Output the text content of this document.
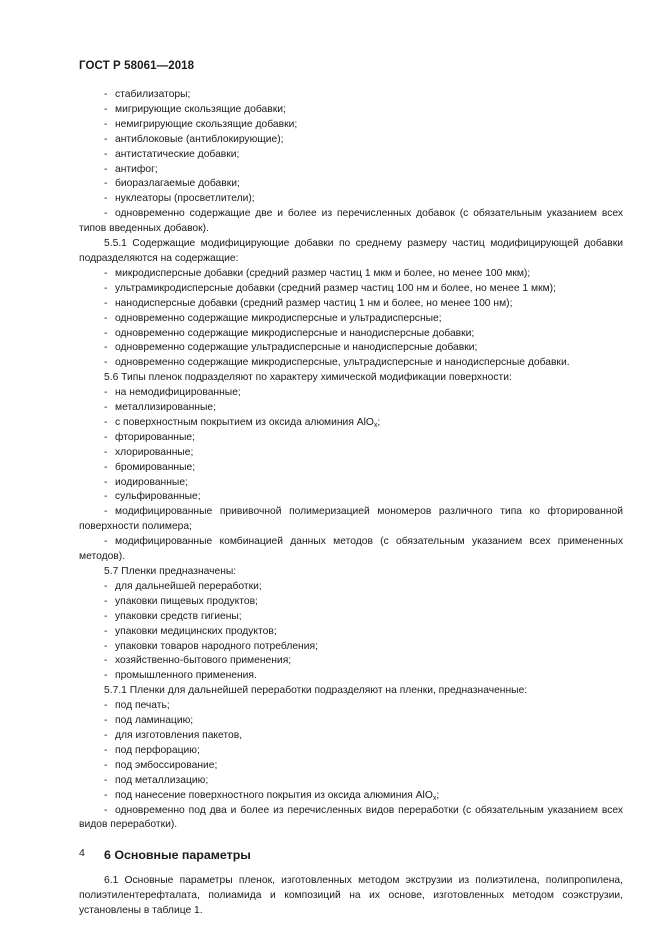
ГОСТ Р 58061—2018
- стабилизаторы;
- мигрирующие скользящие добавки;
- немигрирующие скользящие добавки;
- антиблоковые (антиблокирующие);
- антистатические добавки;
- антифог;
- биоразлагаемые добавки;
- нуклеаторы (просветлители);

- одновременно содержащие две и более из перечисленных добавок (с обязательным указанием всех типов введенных добавок).

5.5.1 Содержащие модифицирующие добавки по среднему размеру частиц модифицирующей добавки подразделяются на содержащие:

- микродисперсные добавки (средний размер частиц 1 мкм и более, но менее 100 мкм);
- ультрамикродисперсные добавки (средний размер частиц 100 нм и более, но менее 1 мкм);
- нанодисперсные добавки (средний размер частиц 1 нм и более, но менее 100 нм);
- одновременно содержащие микродисперсные и ультрадисперсные;
- одновременно содержащие микродисперсные и нанодисперсные добавки;
- одновременно содержащие ультрадисперсные и нанодисперсные добавки;
- одновременно содержащие микродисперсные, ультрадисперсные и нанодисперсные добавки.

5.6 Типы пленок подразделяют по характеру химической модификации поверхности:

- на немодифицированные;
- металлизированные;
- с поверхностным покрытием из оксида алюминия AlO$_x$;
- фторированные;
- хлорированные;
- бромированные;
- иодированные;
- сульфированные;

- модифицированные прививочной полимеризацией мономеров различного типа ко фторированной поверхности полимера;

- модифицированные комбинацией данных методов (с обязательным указанием всех примененных методов).

5.7 Пленки предназначены:

- для дальнейшей переработки;
- упаковки пищевых продуктов;
- упаковки средств гигиены;
- упаковки медицинских продуктов;
- упаковки товаров народного потребления;
- хозяйственно-бытового применения;
- промышленного применения.

5.7.1 Пленки для дальнейшей переработки подразделяют на пленки, предназначенные:

- под печать;
- под ламинацию;
- для изготовления пакетов,
- под перфорацию;
- под эмбоссирование;
- под металлизацию;
- под нанесение поверхностного покрытия из оксида алюминия AlO$_x$;

- одновременно под два и более из перечисленных видов переработки (с обязательным указанием всех видов переработки).

6 Основные параметры

6.1 Основные параметры пленок, изготовленных методом экструзии из полиэтилена, полипропилена, полиэтилентерефталата, полиамида и композиций на их основе, изготовленных методом соэкструзии, установлены в таблице 1.

4
